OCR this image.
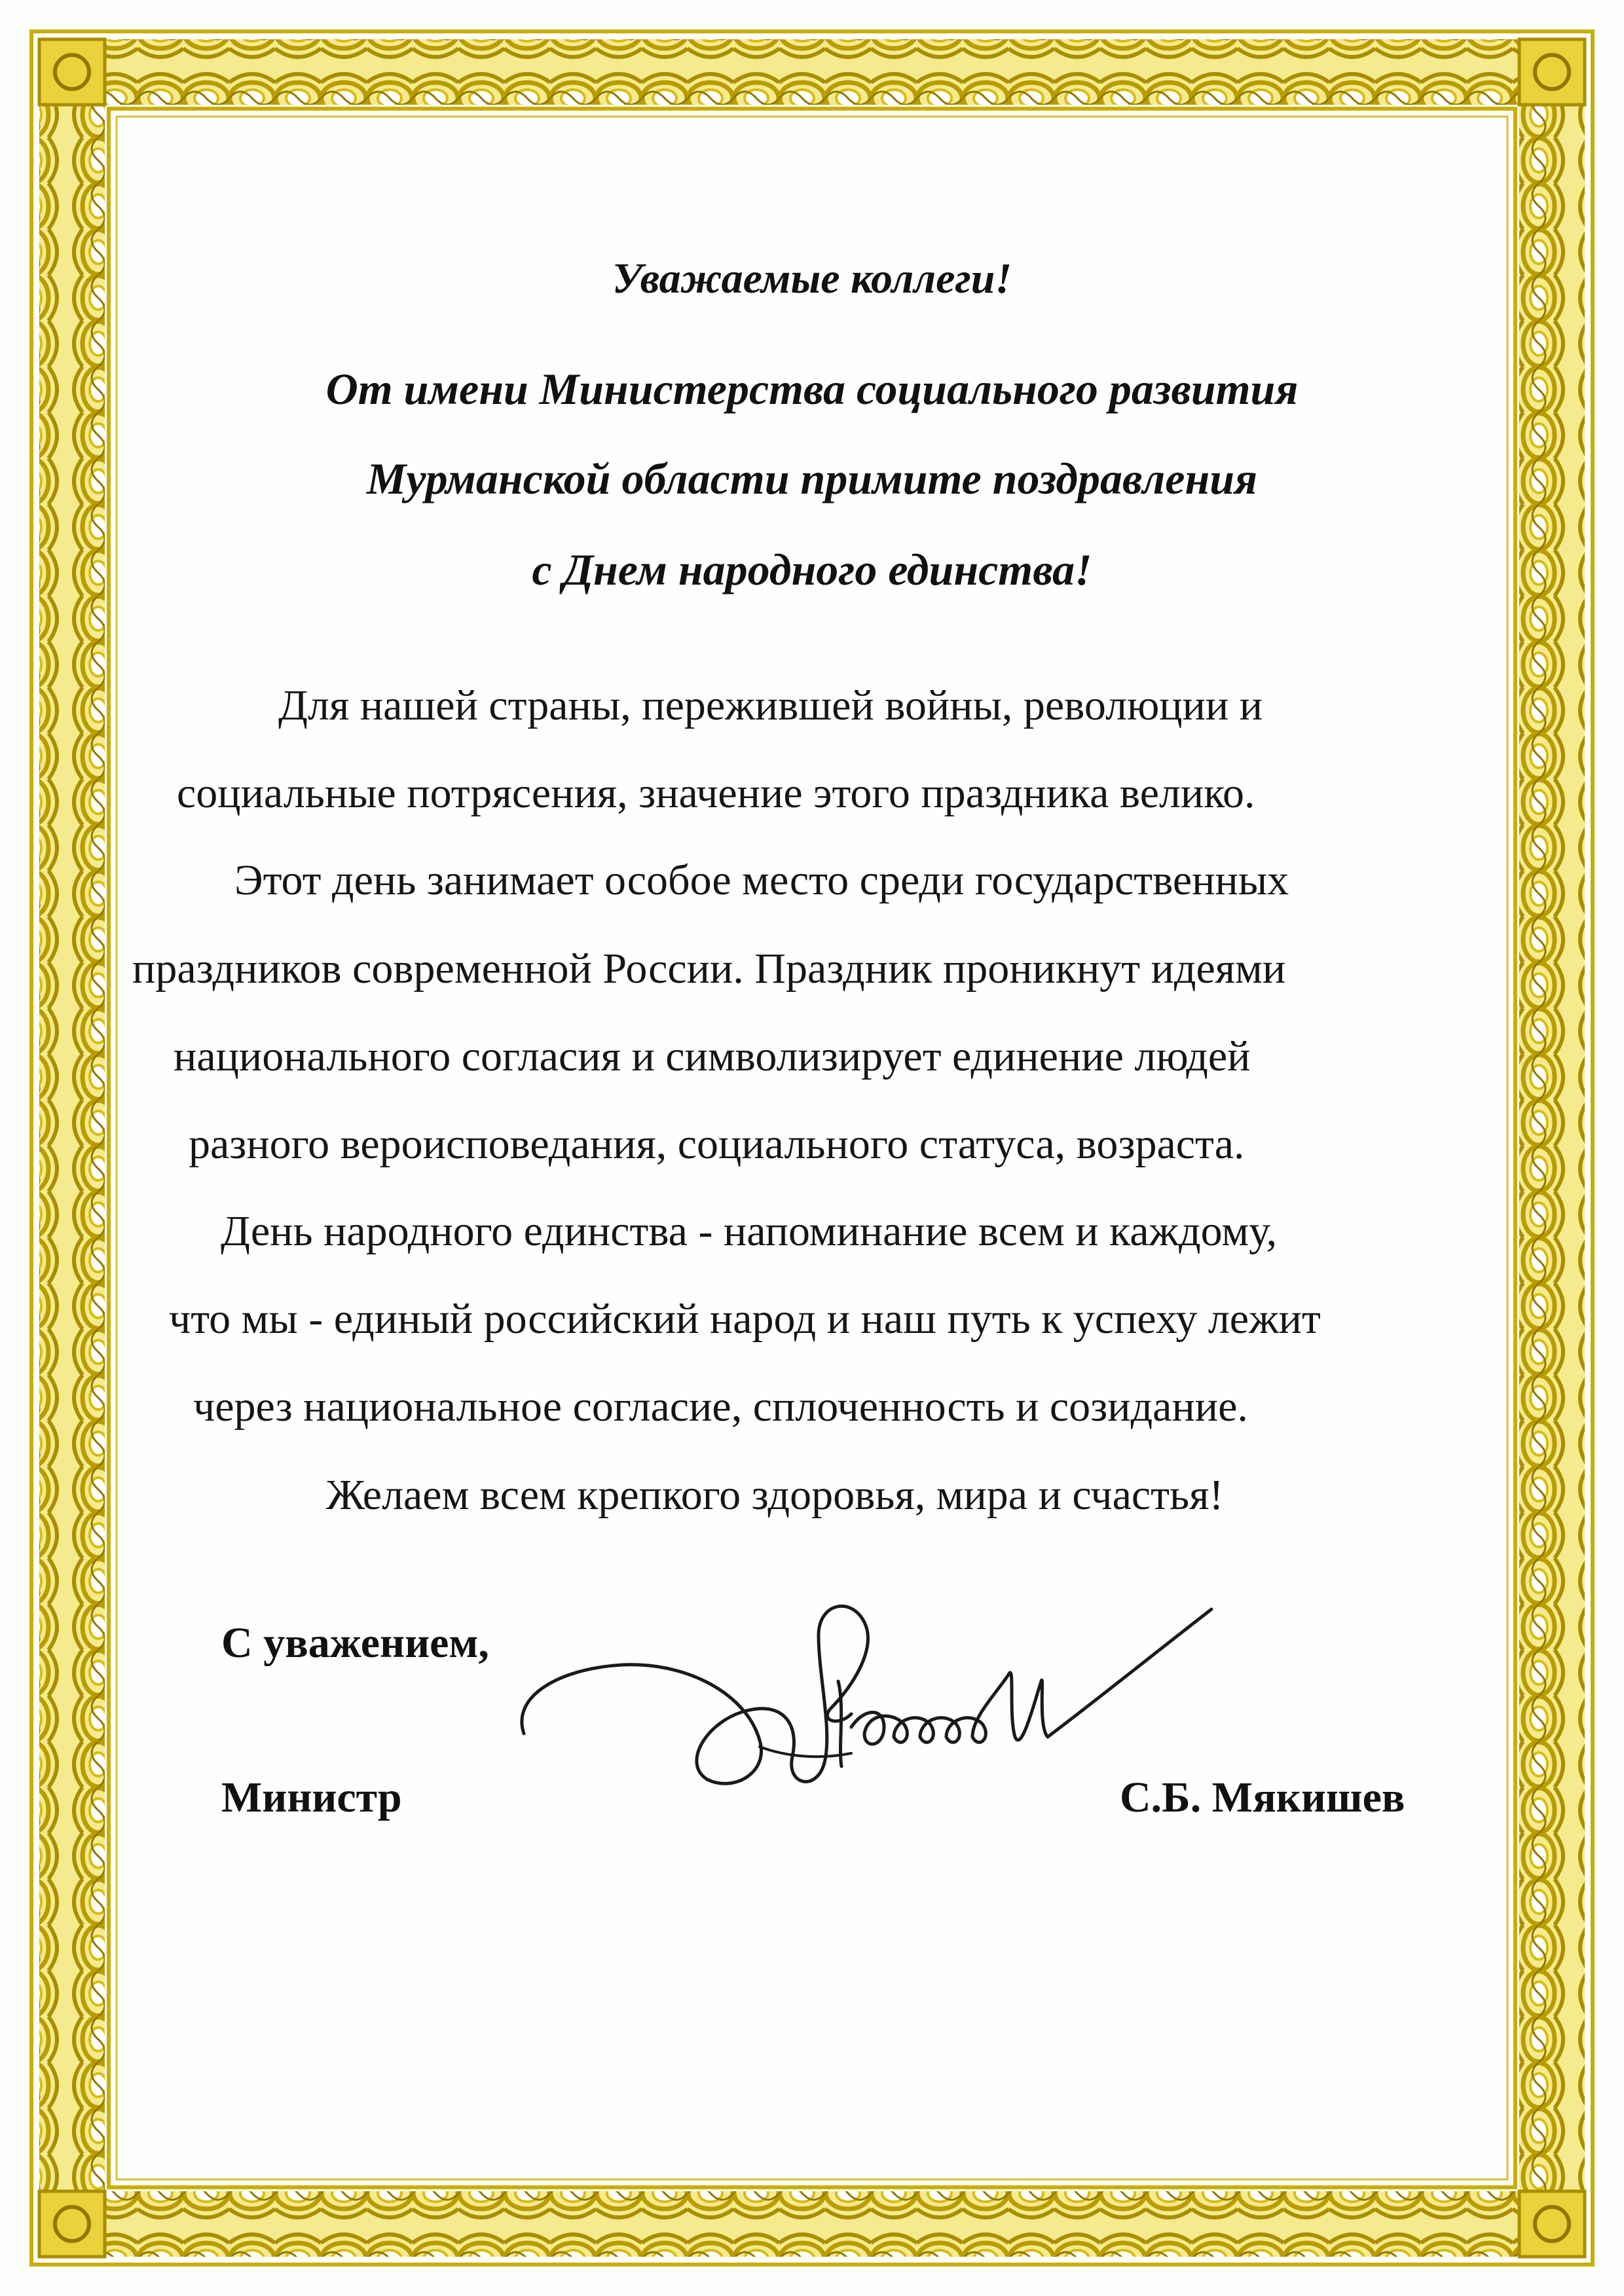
Уважаемые коллеги!

От имени Министерства социального развития

Мурманской области примите поздравления

с Днем народного единства!

Для нашей страны, пережившей войны, революции и

социальные потрясения, значение этого праздника велико.

Этот день занимает особое место среди государственных

праздников современной России. Праздник проникнут идеями

национального согласия и символизирует единение людей

разного вероисповедания, социального статуса, возраста.

День народного единства - напоминание всем и каждому,

что мы - единый российский народ и наш путь к успеху лежит

через национальное согласие, сплоченность и созидание.

Желаем всем крепкого здоровья, мира и счастья!

С уважением,

Министр	С.Б. Мякишев
